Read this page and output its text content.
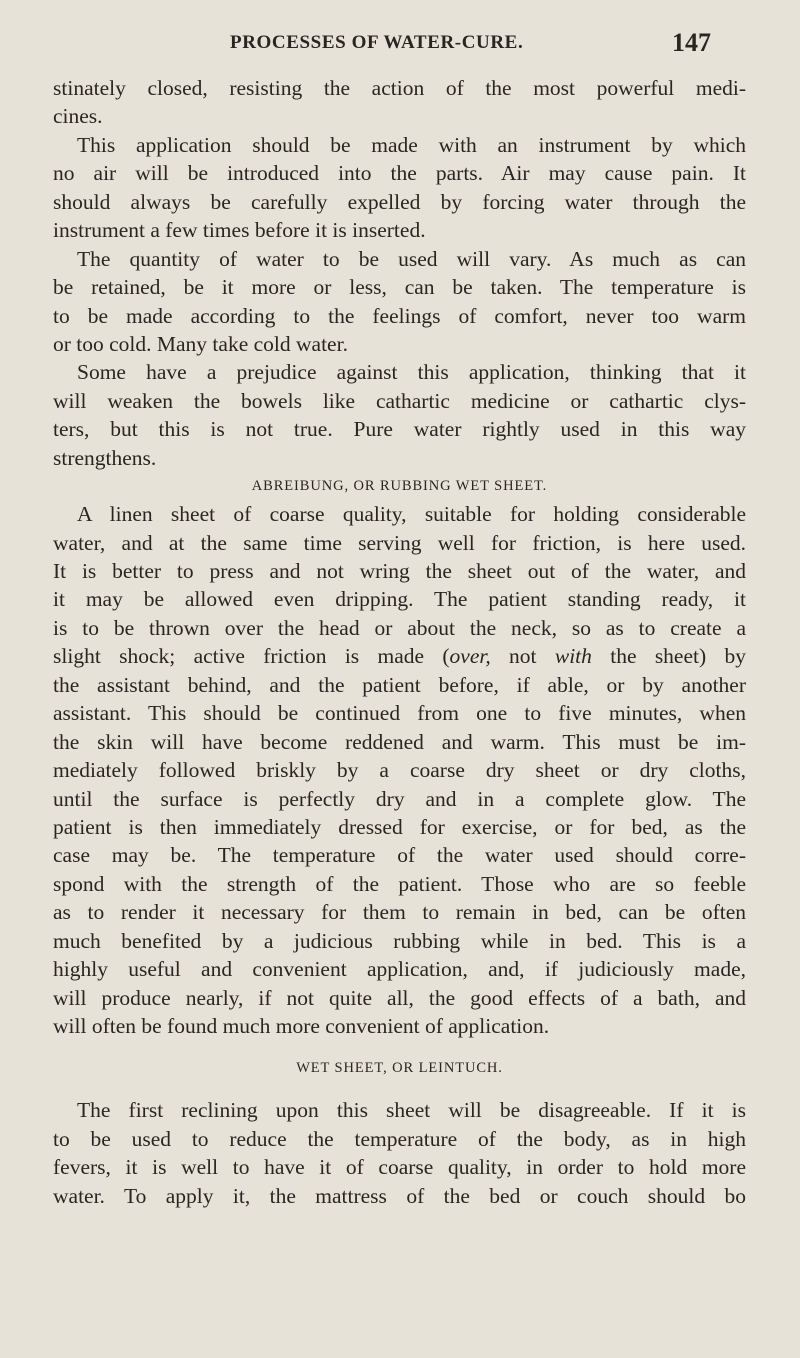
PROCESSES OF WATER-CURE.	147
stinately closed, resisting the action of the most powerful medi-
cines.
This application should be made with an instrument by which
no air will be introduced into the parts. Air may cause pain. It
should always be carefully expelled by forcing water through the
instrument a few times before it is inserted.
The quantity of water to be used will vary. As much as can
be retained, be it more or less, can be taken. The temperature is
to be made according to the feelings of comfort, never too warm
or too cold. Many take cold water.
Some have a prejudice against this application, thinking that it
will weaken the bowels like cathartic medicine or cathartic clys-
ters, but this is not true. Pure water rightly used in this way
strengthens.
ABREIBUNG, OR RUBBING WET SHEET.
A linen sheet of coarse quality, suitable for holding considerable
water, and at the same time serving well for friction, is here used.
It is better to press and not wring the sheet out of the water, and
it may be allowed even dripping. The patient standing ready, it
is to be thrown over the head or about the neck, so as to create a
slight shock; active friction is made (over, not with the sheet) by
the assistant behind, and the patient before, if able, or by another
assistant. This should be continued from one to five minutes, when
the skin will have become reddened and warm. This must be im-
mediately followed briskly by a coarse dry sheet or dry cloths,
until the surface is perfectly dry and in a complete glow. The
patient is then immediately dressed for exercise, or for bed, as the
case may be. The temperature of the water used should corre-
spond with the strength of the patient. Those who are so feeble
as to render it necessary for them to remain in bed, can be often
much benefited by a judicious rubbing while in bed. This is a
highly useful and convenient application, and, if judiciously made,
will produce nearly, if not quite all, the good effects of a bath, and
will often be found much more convenient of application.
WET SHEET, OR LEINTUCH.
The first reclining upon this sheet will be disagreeable. If it is
to be used to reduce the temperature of the body, as in high
fevers, it is well to have it of coarse quality, in order to hold more
water. To apply it, the mattress of the bed or couch should bo
